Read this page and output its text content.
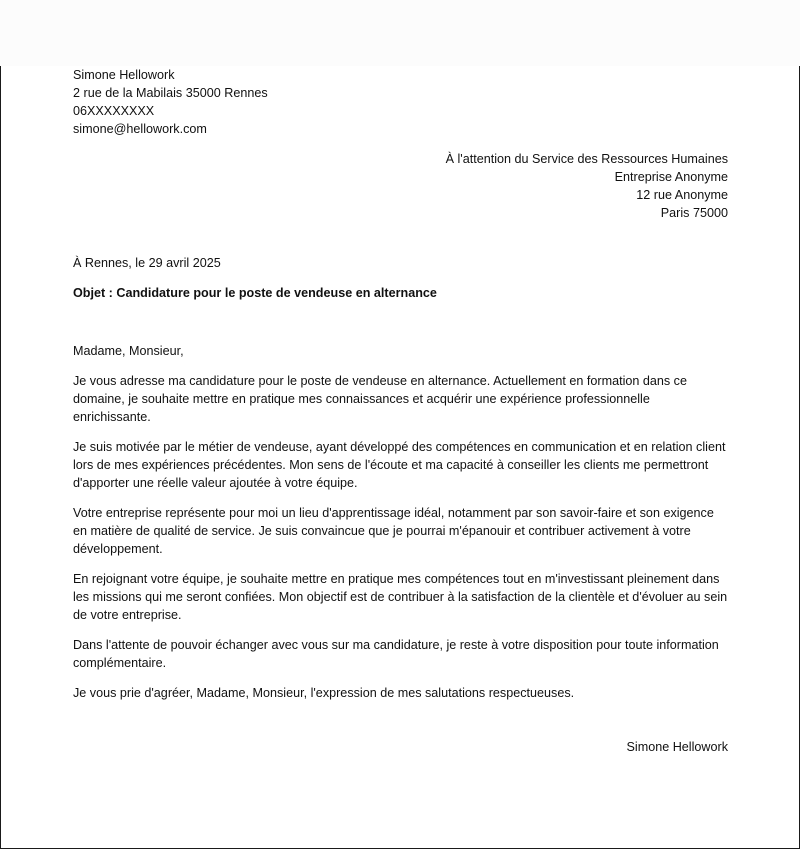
Simone Hellowork
2 rue de la Mabilais 35000 Rennes
06XXXXXXXX
simone@hellowork.com
À l'attention du Service des Ressources Humaines
Entreprise Anonyme
12 rue Anonyme
Paris 75000

À Rennes, le 29 avril 2025

Objet : Candidature pour le poste de vendeuse en alternance

Madame, Monsieur,

Je vous adresse ma candidature pour le poste de vendeuse en alternance. Actuellement en formation dans ce domaine, je souhaite mettre en pratique mes connaissances et acquérir une expérience professionnelle enrichissante.

Je suis motivée par le métier de vendeuse, ayant développé des compétences en communication et en relation client lors de mes expériences précédentes. Mon sens de l'écoute et ma capacité à conseiller les clients me permettront d'apporter une réelle valeur ajoutée à votre équipe.

Votre entreprise représente pour moi un lieu d'apprentissage idéal, notamment par son savoir-faire et son exigence en matière de qualité de service. Je suis convaincue que je pourrai m'épanouir et contribuer activement à votre développement.

En rejoignant votre équipe, je souhaite mettre en pratique mes compétences tout en m'investissant pleinement dans les missions qui me seront confiées. Mon objectif est de contribuer à la satisfaction de la clientèle et d'évoluer au sein de votre entreprise.

Dans l'attente de pouvoir échanger avec vous sur ma candidature, je reste à votre disposition pour toute information complémentaire.

Je vous prie d'agréer, Madame, Monsieur, l'expression de mes salutations respectueuses.

Simone Hellowork
